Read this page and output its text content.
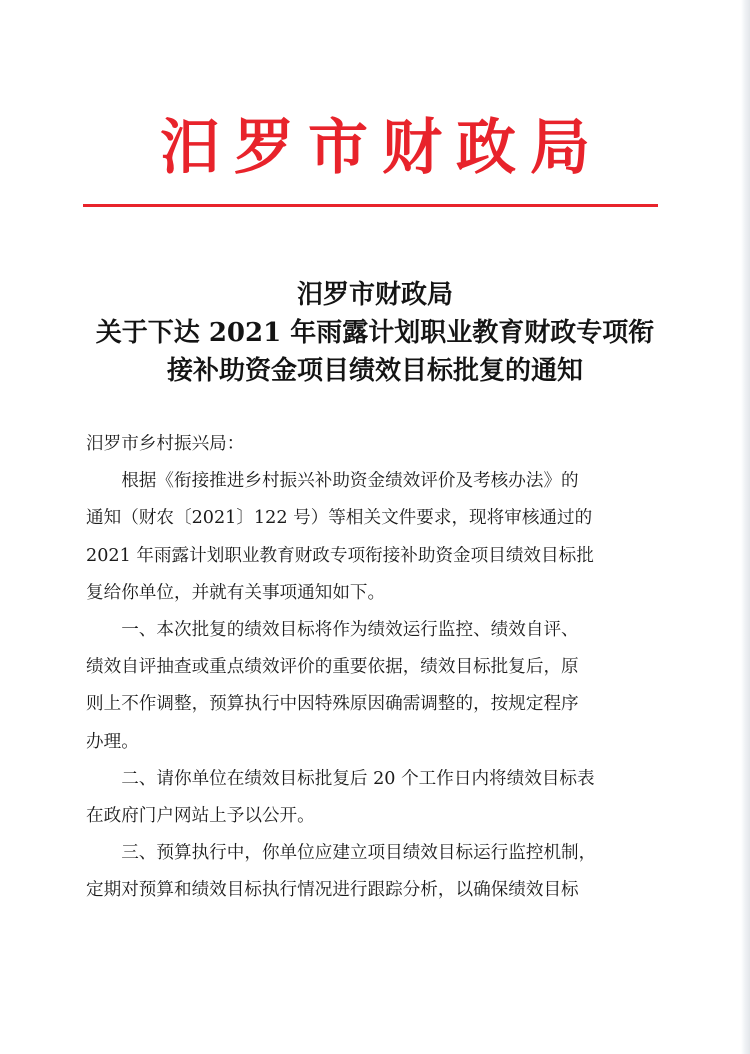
汨罗市财政局
汨罗市财政局
关于下达 2021 年雨露计划职业教育财政专项衔
接补助资金项目绩效目标批复的通知

汨罗市乡村振兴局：

根据《衔接推进乡村振兴补助资金绩效评价及考核办法》的
通知（财农〔2021〕122 号）等相关文件要求，现将审核通过的
2021 年雨露计划职业教育财政专项衔接补助资金项目绩效目标批
复给你单位，并就有关事项通知如下。

一、本次批复的绩效目标将作为绩效运行监控、绩效自评、
绩效自评抽查或重点绩效评价的重要依据，绩效目标批复后，原
则上不作调整，预算执行中因特殊原因确需调整的，按规定程序
办理。

二、请你单位在绩效目标批复后 20 个工作日内将绩效目标表
在政府门户网站上予以公开。

三、预算执行中，你单位应建立项目绩效目标运行监控机制，
定期对预算和绩效目标执行情况进行跟踪分析，以确保绩效目标
